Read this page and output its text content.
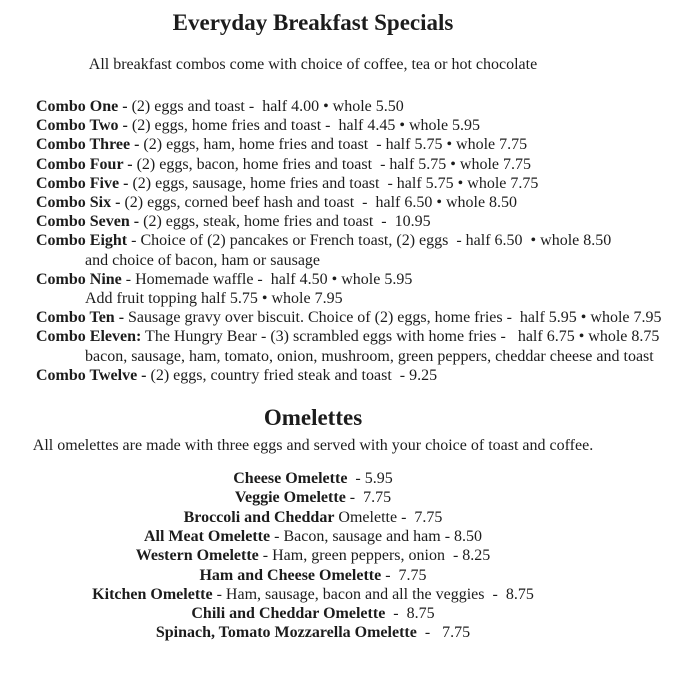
Everyday Breakfast Specials

All breakfast combos come with choice of coffee, tea or hot chocolate

Combo One - (2) eggs and toast -  half 4.00 • whole 5.50

Combo Two - (2) eggs, home fries and toast -  half 4.45 • whole 5.95

Combo Three - (2) eggs, ham, home fries and toast  - half 5.75 • whole 7.75

Combo Four - (2) eggs, bacon, home fries and toast  - half 5.75 • whole 7.75

Combo Five - (2) eggs, sausage, home fries and toast  - half 5.75 • whole 7.75

Combo Six - (2) eggs, corned beef hash and toast  -  half 6.50 • whole 8.50

Combo Seven - (2) eggs, steak, home fries and toast  -  10.95

Combo Eight - Choice of (2) pancakes or French toast, (2) eggs  - half 6.50  • whole 8.50

and choice of bacon, ham or sausage

Combo Nine - Homemade waffle -  half 4.50 • whole 5.95

Add fruit topping half 5.75 • whole 7.95

Combo Ten - Sausage gravy over biscuit. Choice of (2) eggs, home fries -  half 5.95 • whole 7.95

Combo Eleven: The Hungry Bear - (3) scrambled eggs with home fries -   half 6.75 • whole 8.75

bacon, sausage, ham, tomato, onion, mushroom, green peppers, cheddar cheese and toast

Combo Twelve - (2) eggs, country fried steak and toast  - 9.25

Omelettes

All omelettes are made with three eggs and served with your choice of toast and coffee.

Cheese Omelette  - 5.95

Veggie Omelette -  7.75

Broccoli and Cheddar Omelette -  7.75

All Meat Omelette - Bacon, sausage and ham - 8.50

Western Omelette - Ham, green peppers, onion  - 8.25

Ham and Cheese Omelette -  7.75

Kitchen Omelette - Ham, sausage, bacon and all the veggies  -  8.75

Chili and Cheddar Omelette  -  8.75

Spinach, Tomato Mozzarella Omelette  -   7.75
